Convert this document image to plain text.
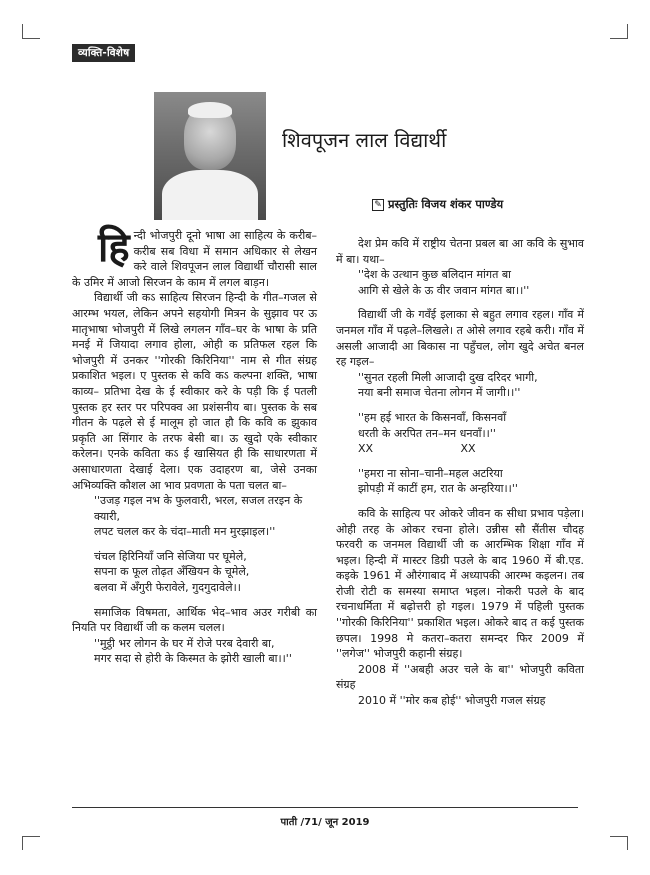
व्यक्ति-विशेष
शिवपूजन लाल विद्यार्थी
✎ प्रस्तुतिः विजय शंकर पाण्डेय

हिन्दी भोजपुरी दूनो भाषा आ साहित्य के करीब–करीब सब विधा में समान अधिकार से लेखन करे वाले शिवपूजन लाल विद्यार्थी चौरासी साल के उमिर में आजो सिरजन के काम में लगल बाड़न।

विद्यार्थी जी कऽ साहित्य सिरजन हिन्दी के गीत–गजल से आरम्भ भयल, लेकिन अपने सहयोगी मित्रन के सुझाव पर ऊ मातृभाषा भोजपुरी में लिखे लगलन गाँव–घर के भाषा के प्रति मनई में जियादा लगाव होला, ओही क प्रतिफल रहल कि भोजपुरी में उनकर ''गोरकी किरिनिया'' नाम से गीत संग्रह प्रकाशित भइल। ए पुस्तक से कवि कऽ कल्पना शक्ति, भाषा काव्य– प्रतिभा देख के ई स्वीकार करे के पड़ी कि ई पतली पुस्तक हर स्तर पर परिपक्व आ प्रशंसनीय बा। पुस्तक के सब गीतन के पढ़ले से ई मालूम हो जात हौ कि कवि क झुकाव प्रकृति आ सिंगार के तरफ बेसी बा। ऊ खुदो एके स्वीकार करेलन। एनके कविता कऽ ई खासियत ही कि साधारणता में असाधारणता देखाई देला। एक उदाहरण बा, जेसे उनका अभिव्यक्ति कौशल आ भाव प्रवणता के पता चलत बा–

''उजड़ गइल नभ के फुलवारी, भरल, सजल तरइन के क्यारी,

लपट चलल कर के चंदा–माती मन मुरझाइल।''

चंचल हिरिनियाँ जनि सेजिया पर घूमेले,

सपना क फूल तोढ़त अँखियन के चूमेले,

बलवा में अँगुरी फेरावेले, गुदगुदावेले।।

समाजिक विषमता, आर्थिक भेद–भाव अउर गरीबी का नियति पर विद्यार्थी जी क कलम चलल।

''मुट्ठी भर लोगन के घर में रोजे परब देवारी बा,

मगर सदा से होरी के किस्मत के झोरी खाली बा।।''

देश प्रेम कवि में राष्ट्रीय चेतना प्रबल बा आ कवि के सुभाव में बा। यथा–

''देश के उत्थान कुछ बलिदान मांगत बा

आगि से खेले के ऊ वीर जवान मांगत बा।।''

विद्यार्थी जी के गवँई इलाका से बहुत लगाव रहल। गाँव में जनमल गाँव में पढ़ले–लिखले। त ओसे लगाव रहबे करी। गाँव में असली आजादी आ बिकास ना पहुँचल, लोग खुदे अचेत बनल रह गइल–

''सुनत रहली मिली आजादी दुख दरिदर भागी,

नया बनी समाज चेतना लोगन में जागी।।''

''हम हई भारत के किसनवाँ, किसनवाँ

धरती के अरपित तन–मन धनवाँ।।''

XX                         XX

''हमरा ना सोना–चानी–महल अटरिया

झोपड़ी में काटीं हम, रात के अन्हरिया।।''

कवि के साहित्य पर ओकरे जीवन क सीधा प्रभाव पड़ेला। ओही तरह के ओकर रचना होले। उन्नीस सौ सैंतीस चौदह फरवरी क जनमल विद्यार्थी जी क आरम्भिक शिक्षा गाँव में भइल। हिन्दी में मास्टर डिग्री पउले के बाद 1960 में बी.एड. कइके 1961 में औरंगाबाद में अध्यापकी आरम्भ कइलन। तब रोजी रोटी क समस्या समाप्त भइल। नोकरी पउले के बाद रचनाधर्मिता में बढ़ोत्तरी हो गइल। 1979 में पहिली पुस्तक ''गोरकी किरिनिया'' प्रकाशित भइल। ओकरे बाद त कई पुस्तक छपल। 1998 मे कतरा–कतरा समन्दर फिर 2009 में ''लगेज'' भोजपुरी कहानी संग्रह।

2008 में ''अबही अउर चले के बा'' भोजपुरी कविता संग्रह

2010 में ''मोर कब होई'' भोजपुरी गजल संग्रह

पाती /71/ जून 2019
